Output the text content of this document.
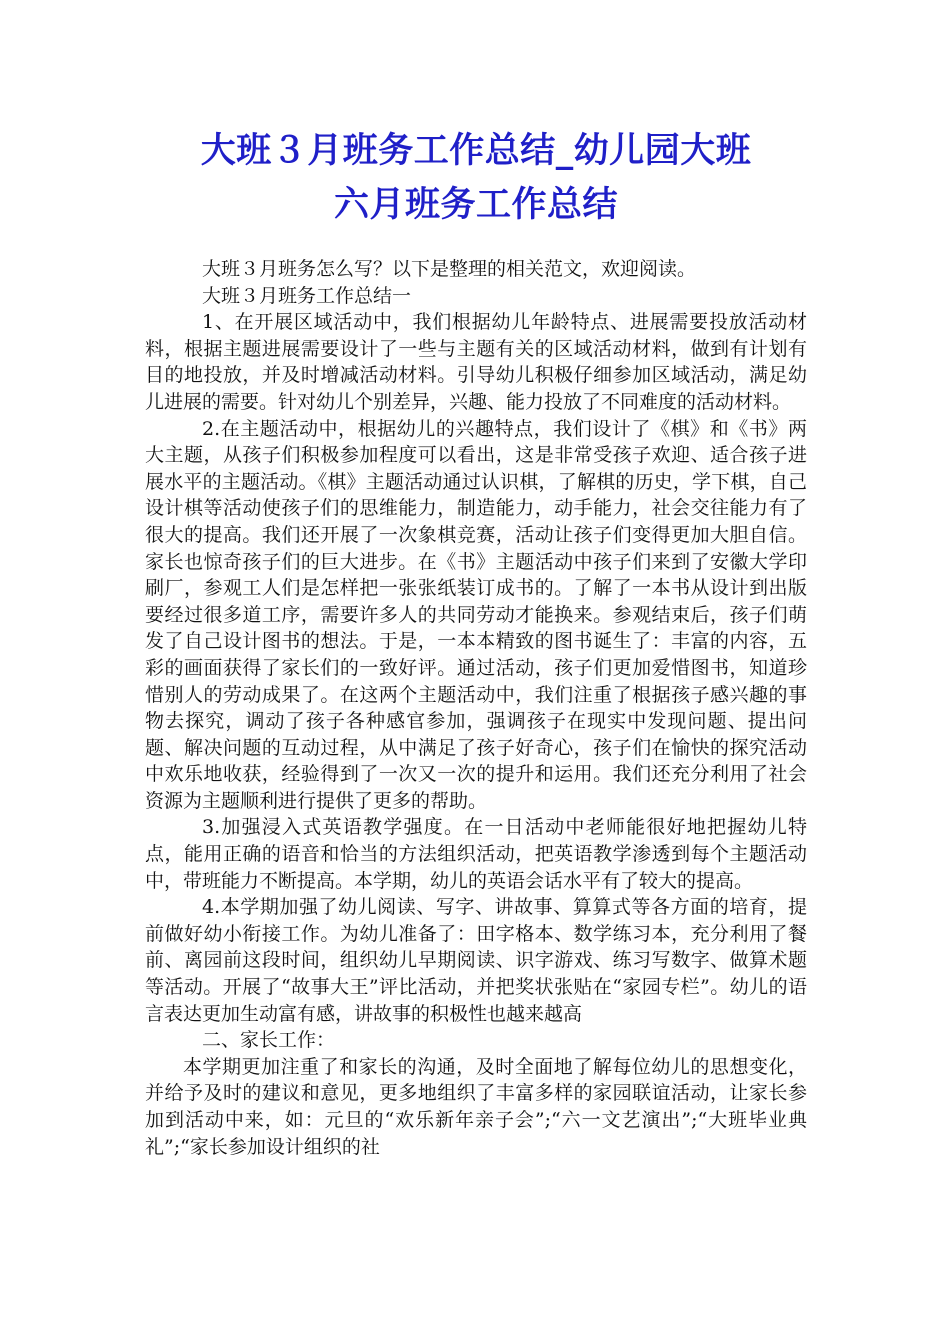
大班３月班务工作总结_幼儿园大班
六月班务工作总结

大班３月班务怎么写？以下是整理的相关范文，欢迎阅读。

大班３月班务工作总结一

1、在开展区域活动中，我们根据幼儿年龄特点、进展需要投放活动材料，根据主题进展需要设计了一些与主题有关的区域活动材料，做到有计划有目的地投放，并及时增减活动材料。引导幼儿积极仔细参加区域活动，满足幼儿进展的需要。针对幼儿个别差异，兴趣、能力投放了不同难度的活动材料。

2.在主题活动中，根据幼儿的兴趣特点，我们设计了《棋》和《书》两大主题，从孩子们积极参加程度可以看出，这是非常受孩子欢迎、适合孩子进展水平的主题活动。《棋》主题活动通过认识棋，了解棋的历史，学下棋，自己设计棋等活动使孩子们的思维能力，制造能力，动手能力，社会交往能力有了很大的提高。我们还开展了一次象棋竞赛，活动让孩子们变得更加大胆自信。家长也惊奇孩子们的巨大进步。在《书》主题活动中孩子们来到了安徽大学印刷厂，参观工人们是怎样把一张张纸装订成书的。了解了一本书从设计到出版要经过很多道工序，需要许多人的共同劳动才能换来。参观结束后，孩子们萌发了自己设计图书的想法。于是，一本本精致的图书诞生了：丰富的内容，五彩的画面获得了家长们的一致好评。通过活动，孩子们更加爱惜图书，知道珍惜别人的劳动成果了。在这两个主题活动中，我们注重了根据孩子感兴趣的事物去探究，调动了孩子各种感官参加，强调孩子在现实中发现问题、提出问题、解决问题的互动过程，从中满足了孩子好奇心，孩子们在愉快的探究活动中欢乐地收获，经验得到了一次又一次的提升和运用。我们还充分利用了社会资源为主题顺利进行提供了更多的帮助。

3.加强浸入式英语教学强度。在一日活动中老师能很好地把握幼儿特点，能用正确的语音和恰当的方法组织活动，把英语教学渗透到每个主题活动中，带班能力不断提高。本学期，幼儿的英语会话水平有了较大的提高。

4.本学期加强了幼儿阅读、写字、讲故事、算算式等各方面的培育，提前做好幼小衔接工作。为幼儿准备了：田字格本、数学练习本，充分利用了餐前、离园前这段时间，组织幼儿早期阅读、识字游戏、练习写数字、做算术题等活动。开展了“故事大王”评比活动，并把奖状张贴在“家园专栏”。幼儿的语言表达更加生动富有感，讲故事的积极性也越来越高

二、家长工作：

本学期更加注重了和家长的沟通，及时全面地了解每位幼儿的思想变化，并给予及时的建议和意见，更多地组织了丰富多样的家园联谊活动，让家长参加到活动中来，如：元旦的“欢乐新年亲子会”;“六一文艺演出”;“大班毕业典礼”;“家长参加设计组织的社
